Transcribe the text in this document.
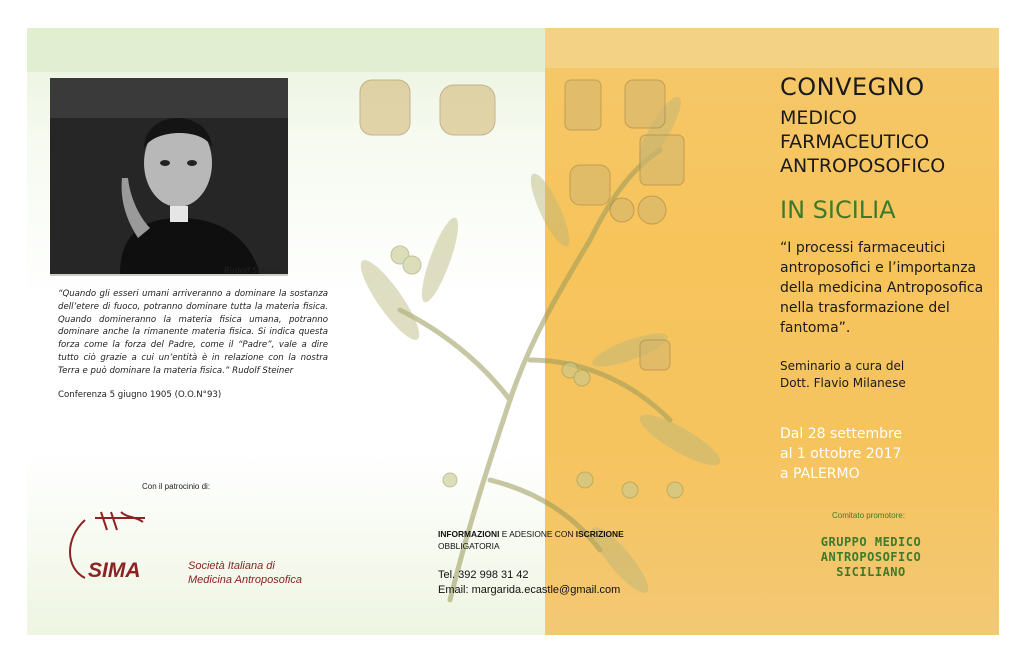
Rudolf Steiner
“Quando gli esseri umani arriveranno a dominare la sostanza dell’etere di fuoco, potranno dominare tutta la materia fisica. Quando domineranno la materia fisica umana, potranno dominare anche la rimanente materia fisica. Si indica questa forza come la forza del Padre, come il “Padre”, vale a dire tutto ciò grazie a cui un’entità è in relazione con la nostra Terra e può dominare la materia fisica.” Rudolf Steiner
Conferenza 5 giugno 1905 (O.O.N°93)
Con il patrocinio di:
SIMA	Società Italiana di
Medicina Antroposofica
INFORMAZIONI E ADESIONE CON ISCRIZIONE
OBBLIGATORIA
Tel. 392 998 31 42
Email: margarida.ecastle@gmail.com
CONVEGNO
MEDICO
FARMACEUTICO
ANTROPOSOFICO
IN SICILIA
“I processi farmaceutici
antroposofici e l’importanza
della medicina Antroposofica
nella trasformazione del
fantoma”.
Seminario a cura del
Dott. Flavio Milanese
Dal 28 settembre
al 1 ottobre 2017
a PALERMO
Comitato promotore:
GRUPPO MEDICO
ANTROPOSOFICO
SICILIANO
